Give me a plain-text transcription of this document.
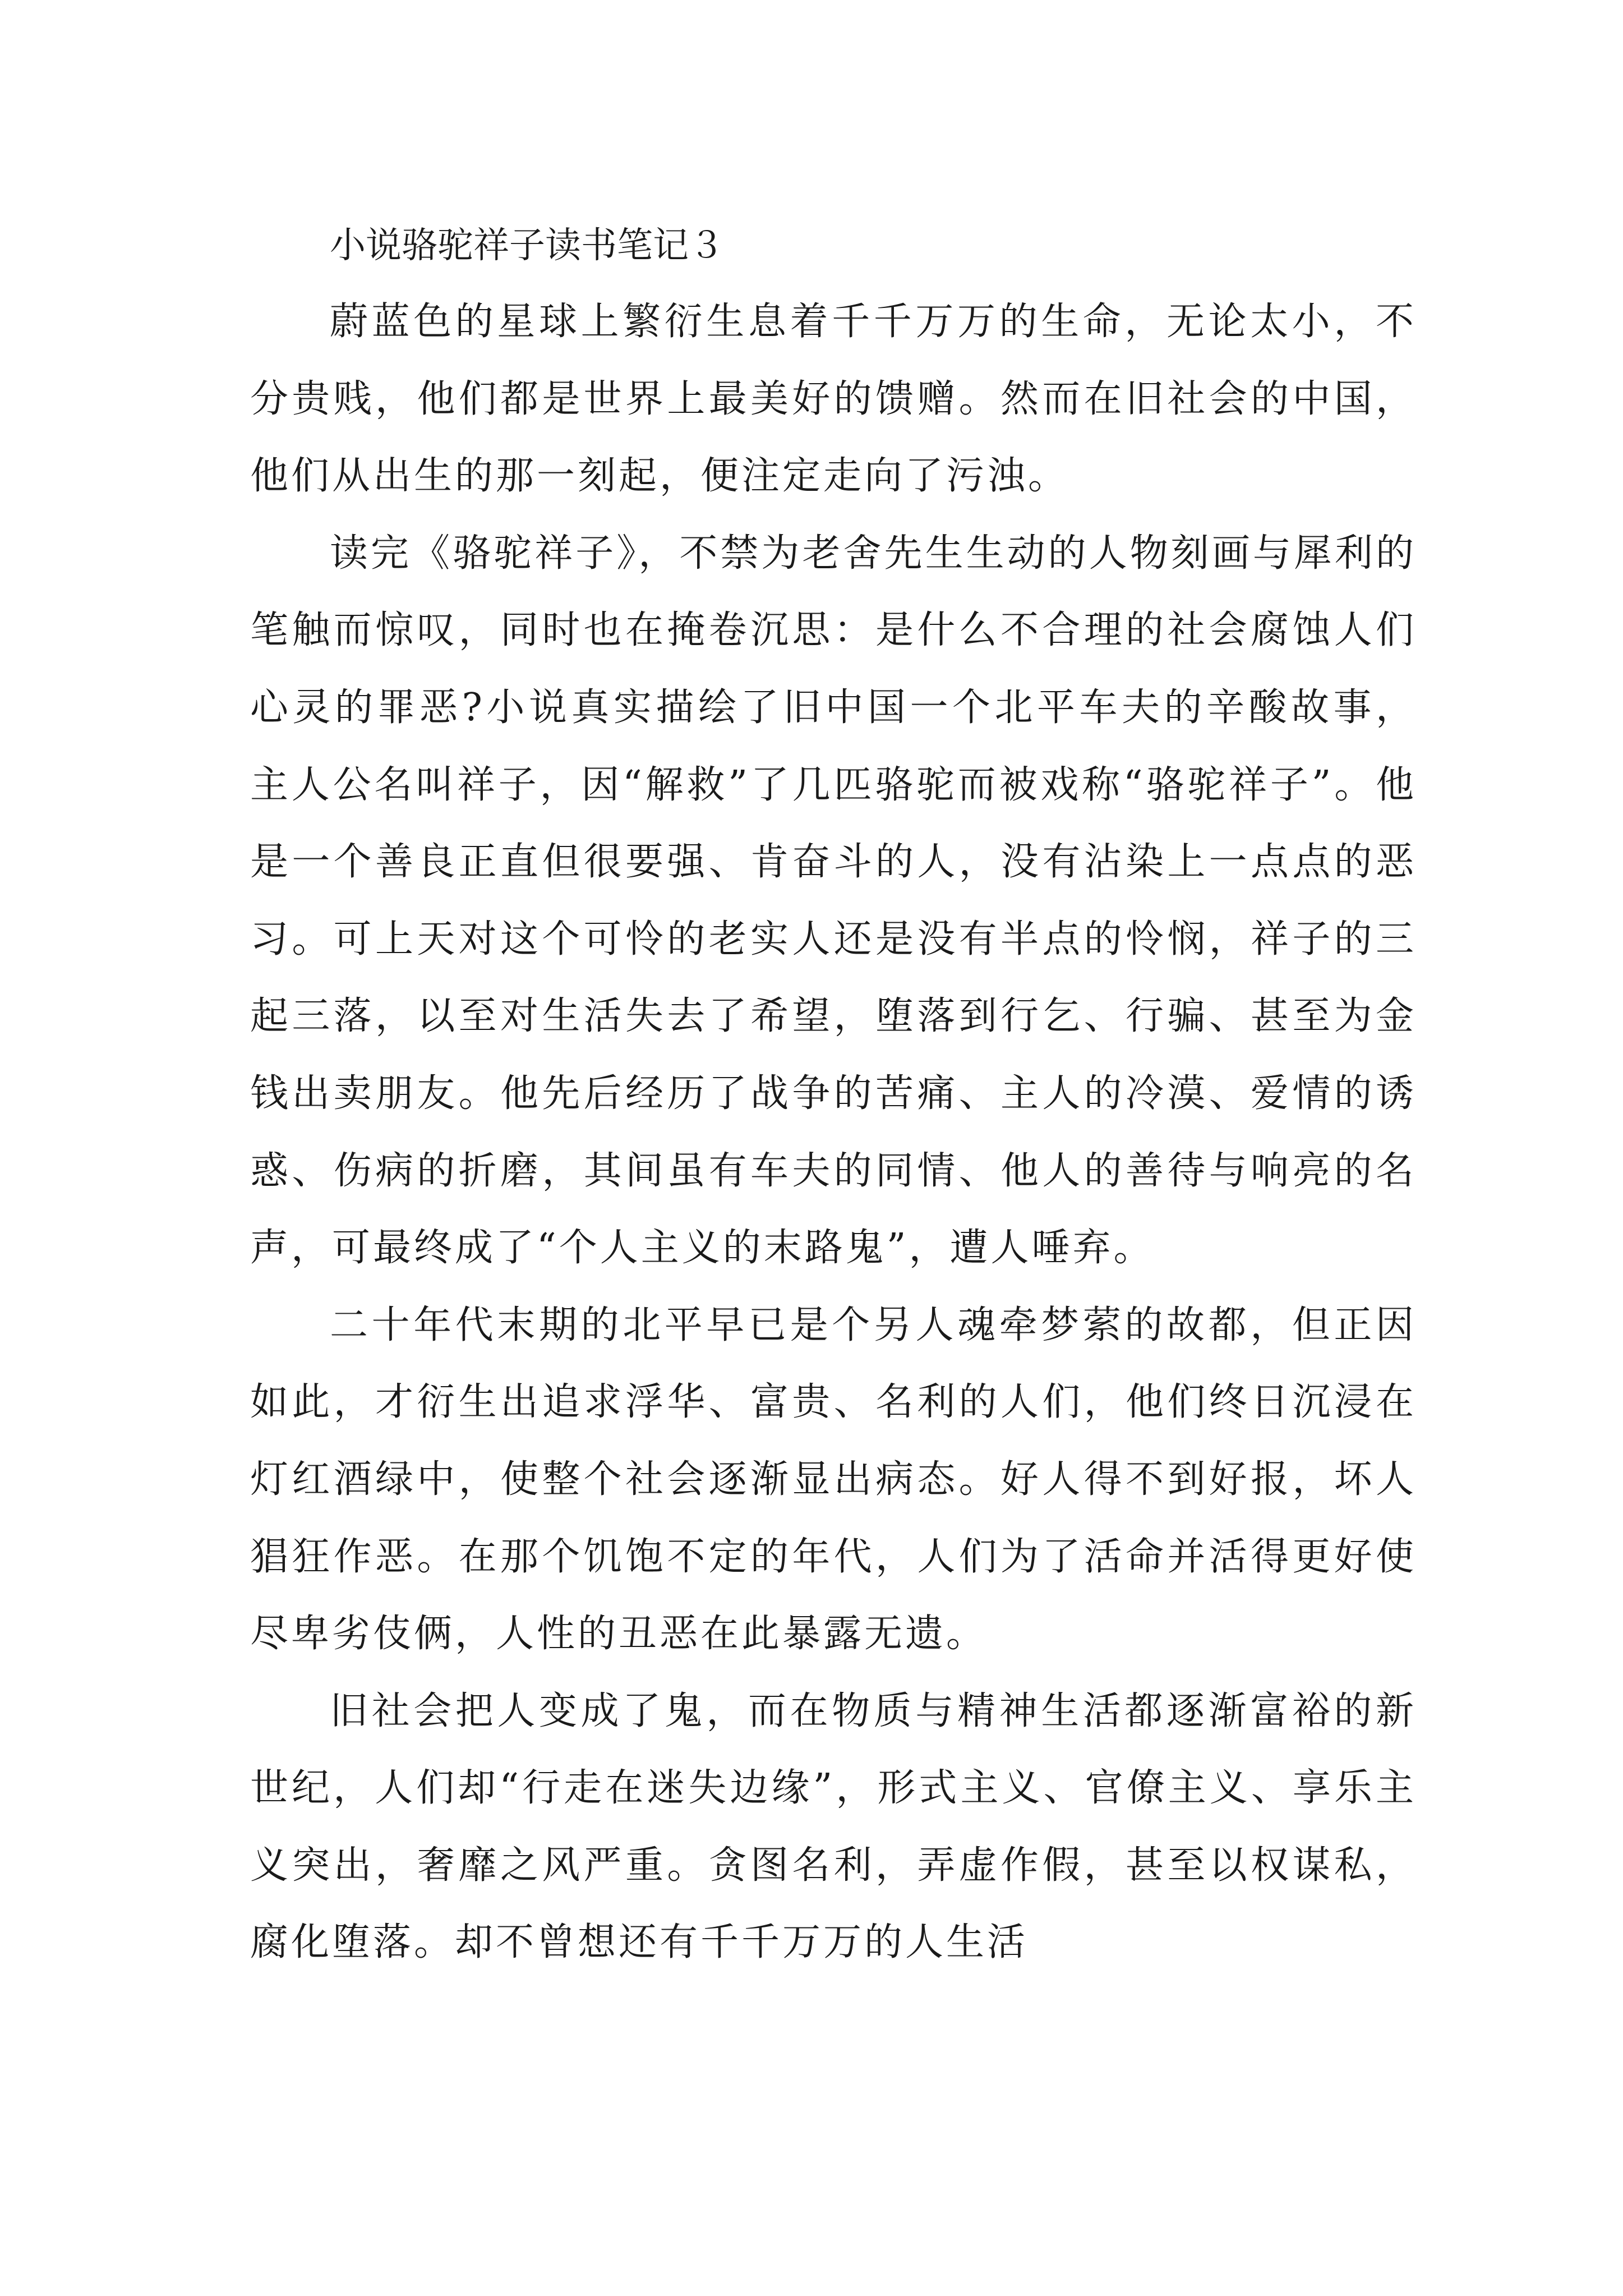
小说骆驼祥子读书笔记３

蔚蓝色的星球上繁衍生息着千千万万的生命，无论太小，不分贵贱，他们都是世界上最美好的馈赠。然而在旧社会的中国，他们从出生的那一刻起，便注定走向了污浊。

读完《骆驼祥子》，不禁为老舍先生生动的人物刻画与犀利的笔触而惊叹，同时也在掩卷沉思：是什么不合理的社会腐蚀人们心灵的罪恶?小说真实描绘了旧中国一个北平车夫的辛酸故事，主人公名叫祥子，因“解救”了几匹骆驼而被戏称“骆驼祥子”。他是一个善良正直但很要强、肯奋斗的人，没有沾染上一点点的恶习。可上天对这个可怜的老实人还是没有半点的怜悯，祥子的三起三落，以至对生活失去了希望，堕落到行乞、行骗、甚至为金钱出卖朋友。他先后经历了战争的苦痛、主人的冷漠、爱情的诱惑、伤病的折磨，其间虽有车夫的同情、他人的善待与响亮的名声，可最终成了“个人主义的末路鬼”，遭人唾弃。

二十年代末期的北平早已是个另人魂牵梦萦的故都，但正因如此，才衍生出追求浮华、富贵、名利的人们，他们终日沉浸在灯红酒绿中，使整个社会逐渐显出病态。好人得不到好报，坏人猖狂作恶。在那个饥饱不定的年代，人们为了活命并活得更好使尽卑劣伎俩，人性的丑恶在此暴露无遗。

旧社会把人变成了鬼，而在物质与精神生活都逐渐富裕的新世纪，人们却“行走在迷失边缘”，形式主义、官僚主义、享乐主义突出，奢靡之风严重。贪图名利，弄虚作假，甚至以权谋私，腐化堕落。却不曾想还有千千万万的人生活
